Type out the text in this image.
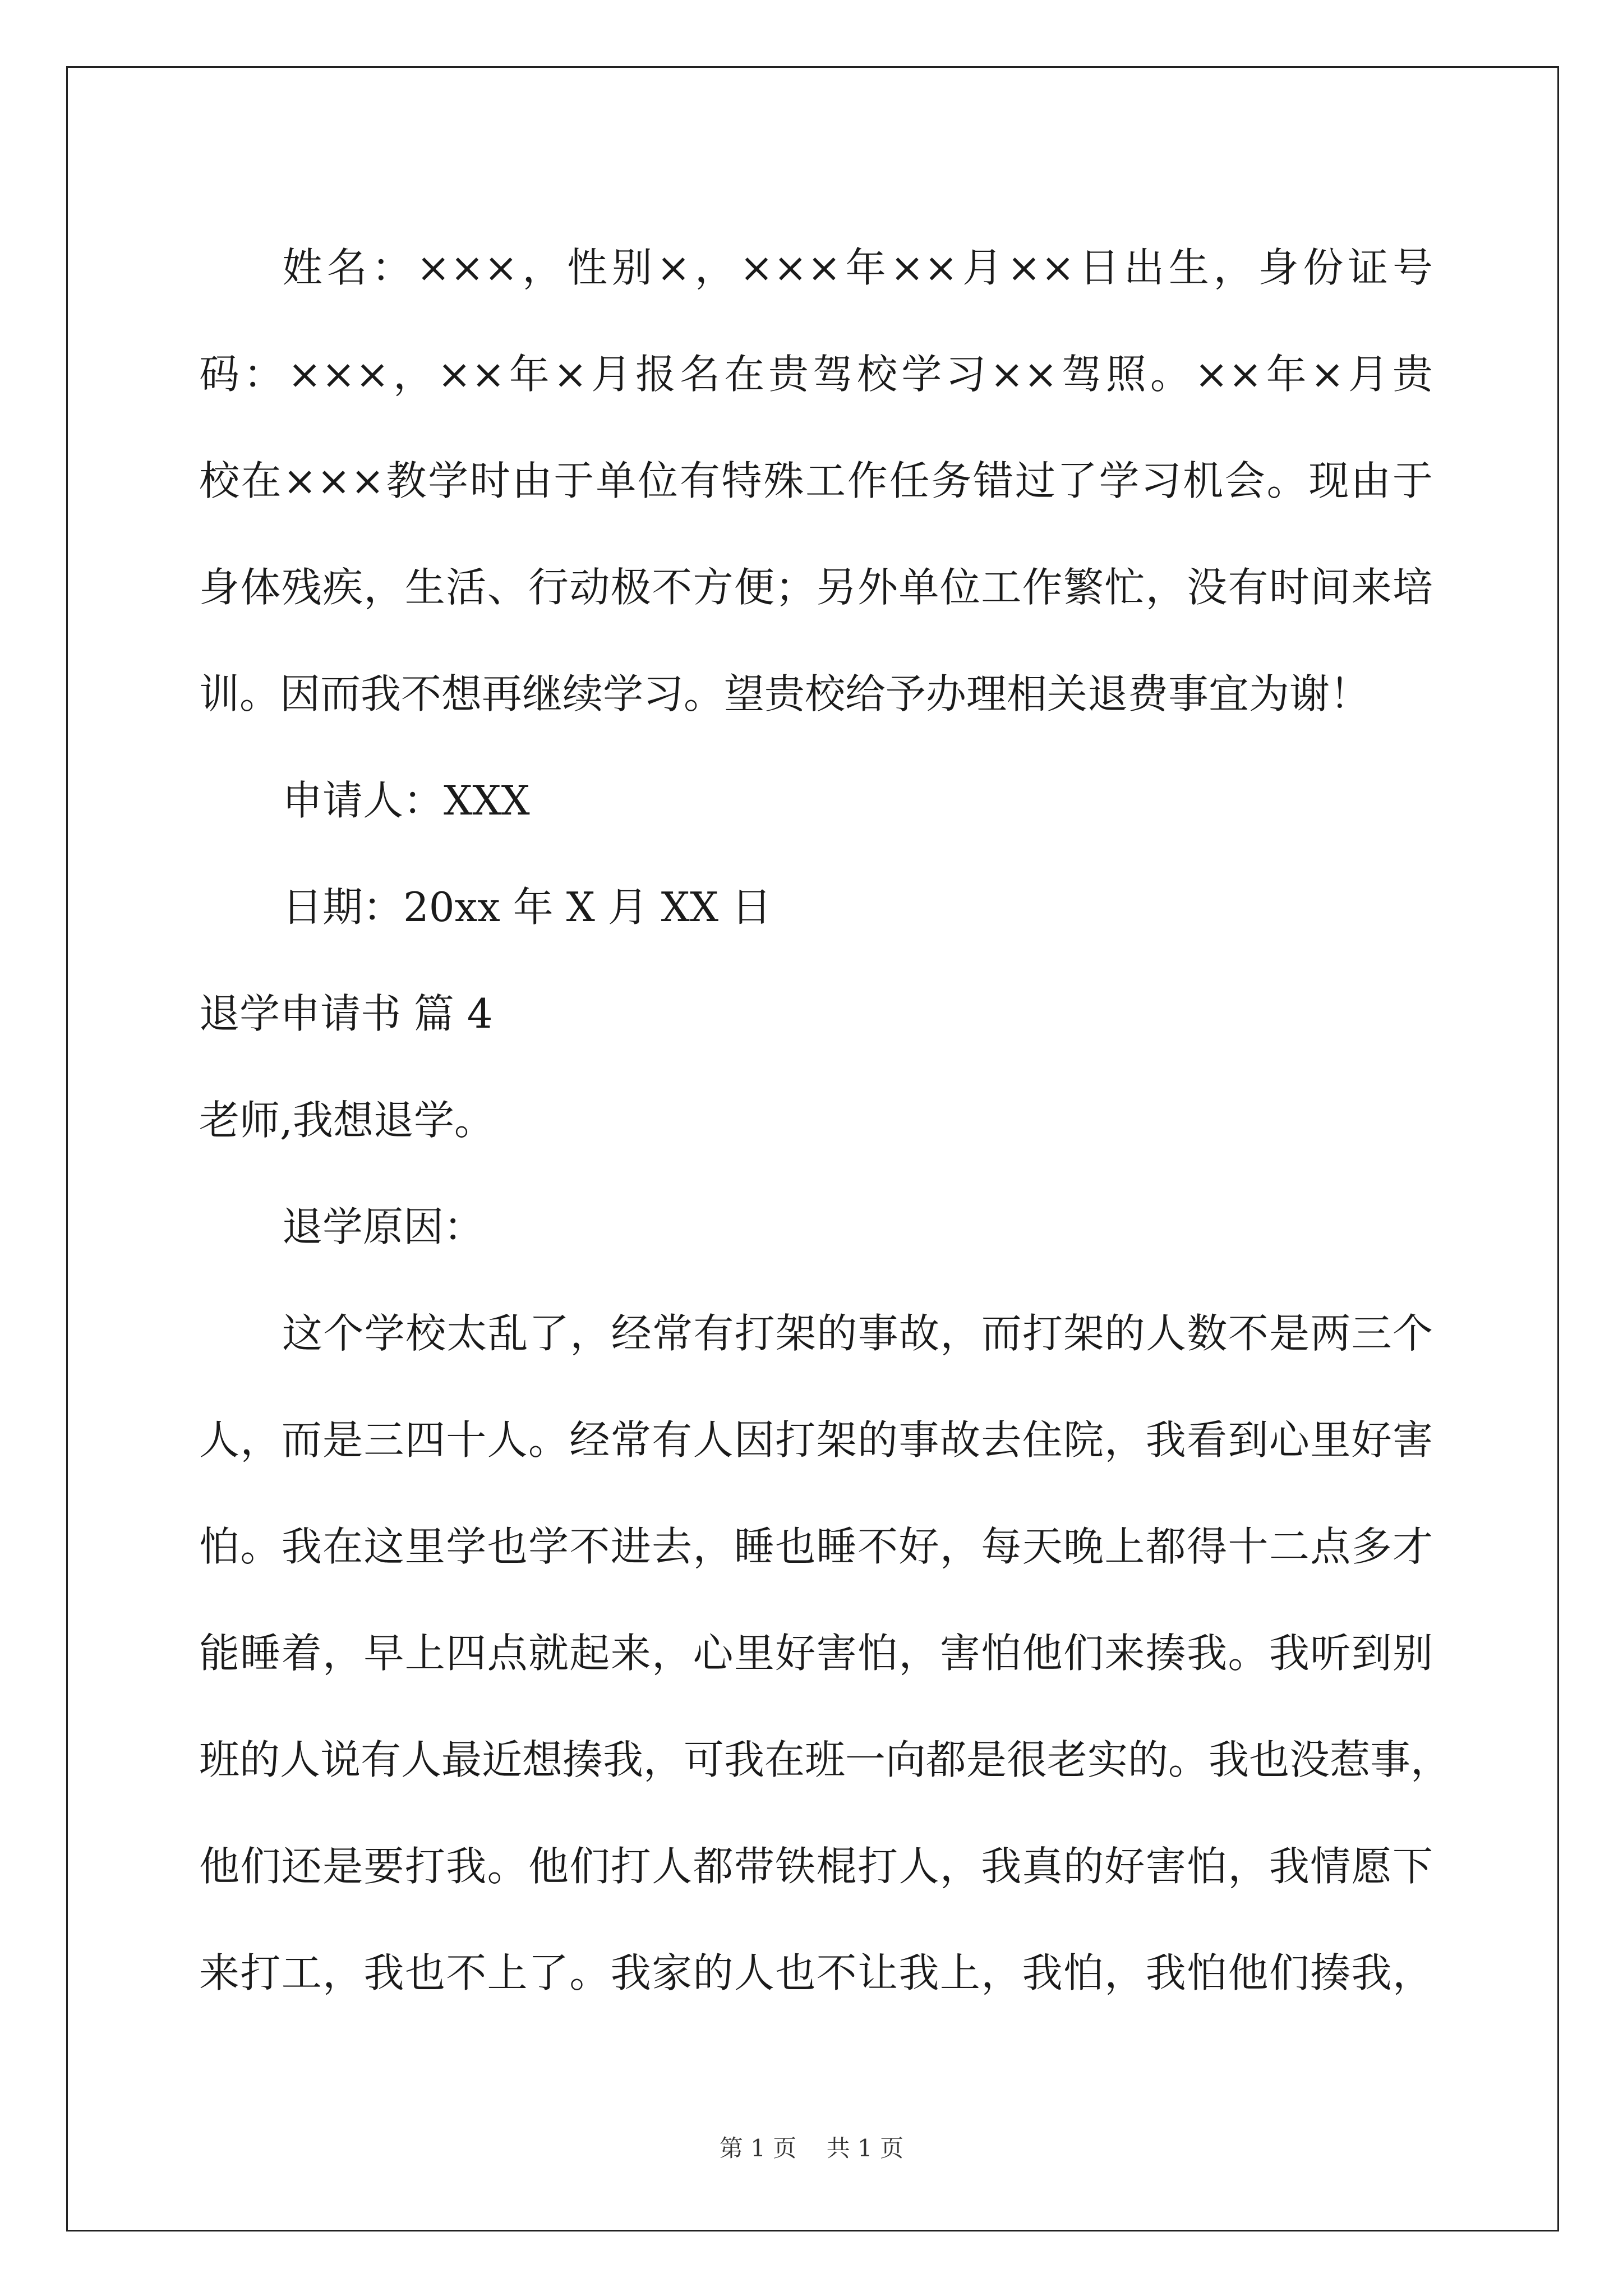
姓名：×××，性别×，×××年××月××日出生，身份证号
码：×××，××年×月报名在贵驾校学习××驾照。××年×月贵
校在×××教学时由于单位有特殊工作任务错过了学习机会。现由于
身体残疾，生活、行动极不方便；另外单位工作繁忙，没有时间来培
训。因而我不想再继续学习。望贵校给予办理相关退费事宜为谢！
申请人：XXX
日期：20xx 年 X 月 XX 日
退学申请书 篇 4
老师,我想退学。
退学原因：
这个学校太乱了，经常有打架的事故，而打架的人数不是两三个
人，而是三四十人。经常有人因打架的事故去住院，我看到心里好害
怕。我在这里学也学不进去，睡也睡不好，每天晚上都得十二点多才
能睡着，早上四点就起来，心里好害怕，害怕他们来揍我。我听到别
班的人说有人最近想揍我，可我在班一向都是很老实的。我也没惹事，
他们还是要打我。他们打人都带铁棍打人，我真的好害怕，我情愿下
来打工，我也不上了。我家的人也不让我上，我怕，我怕他们揍我，
第 1 页    共 1 页
